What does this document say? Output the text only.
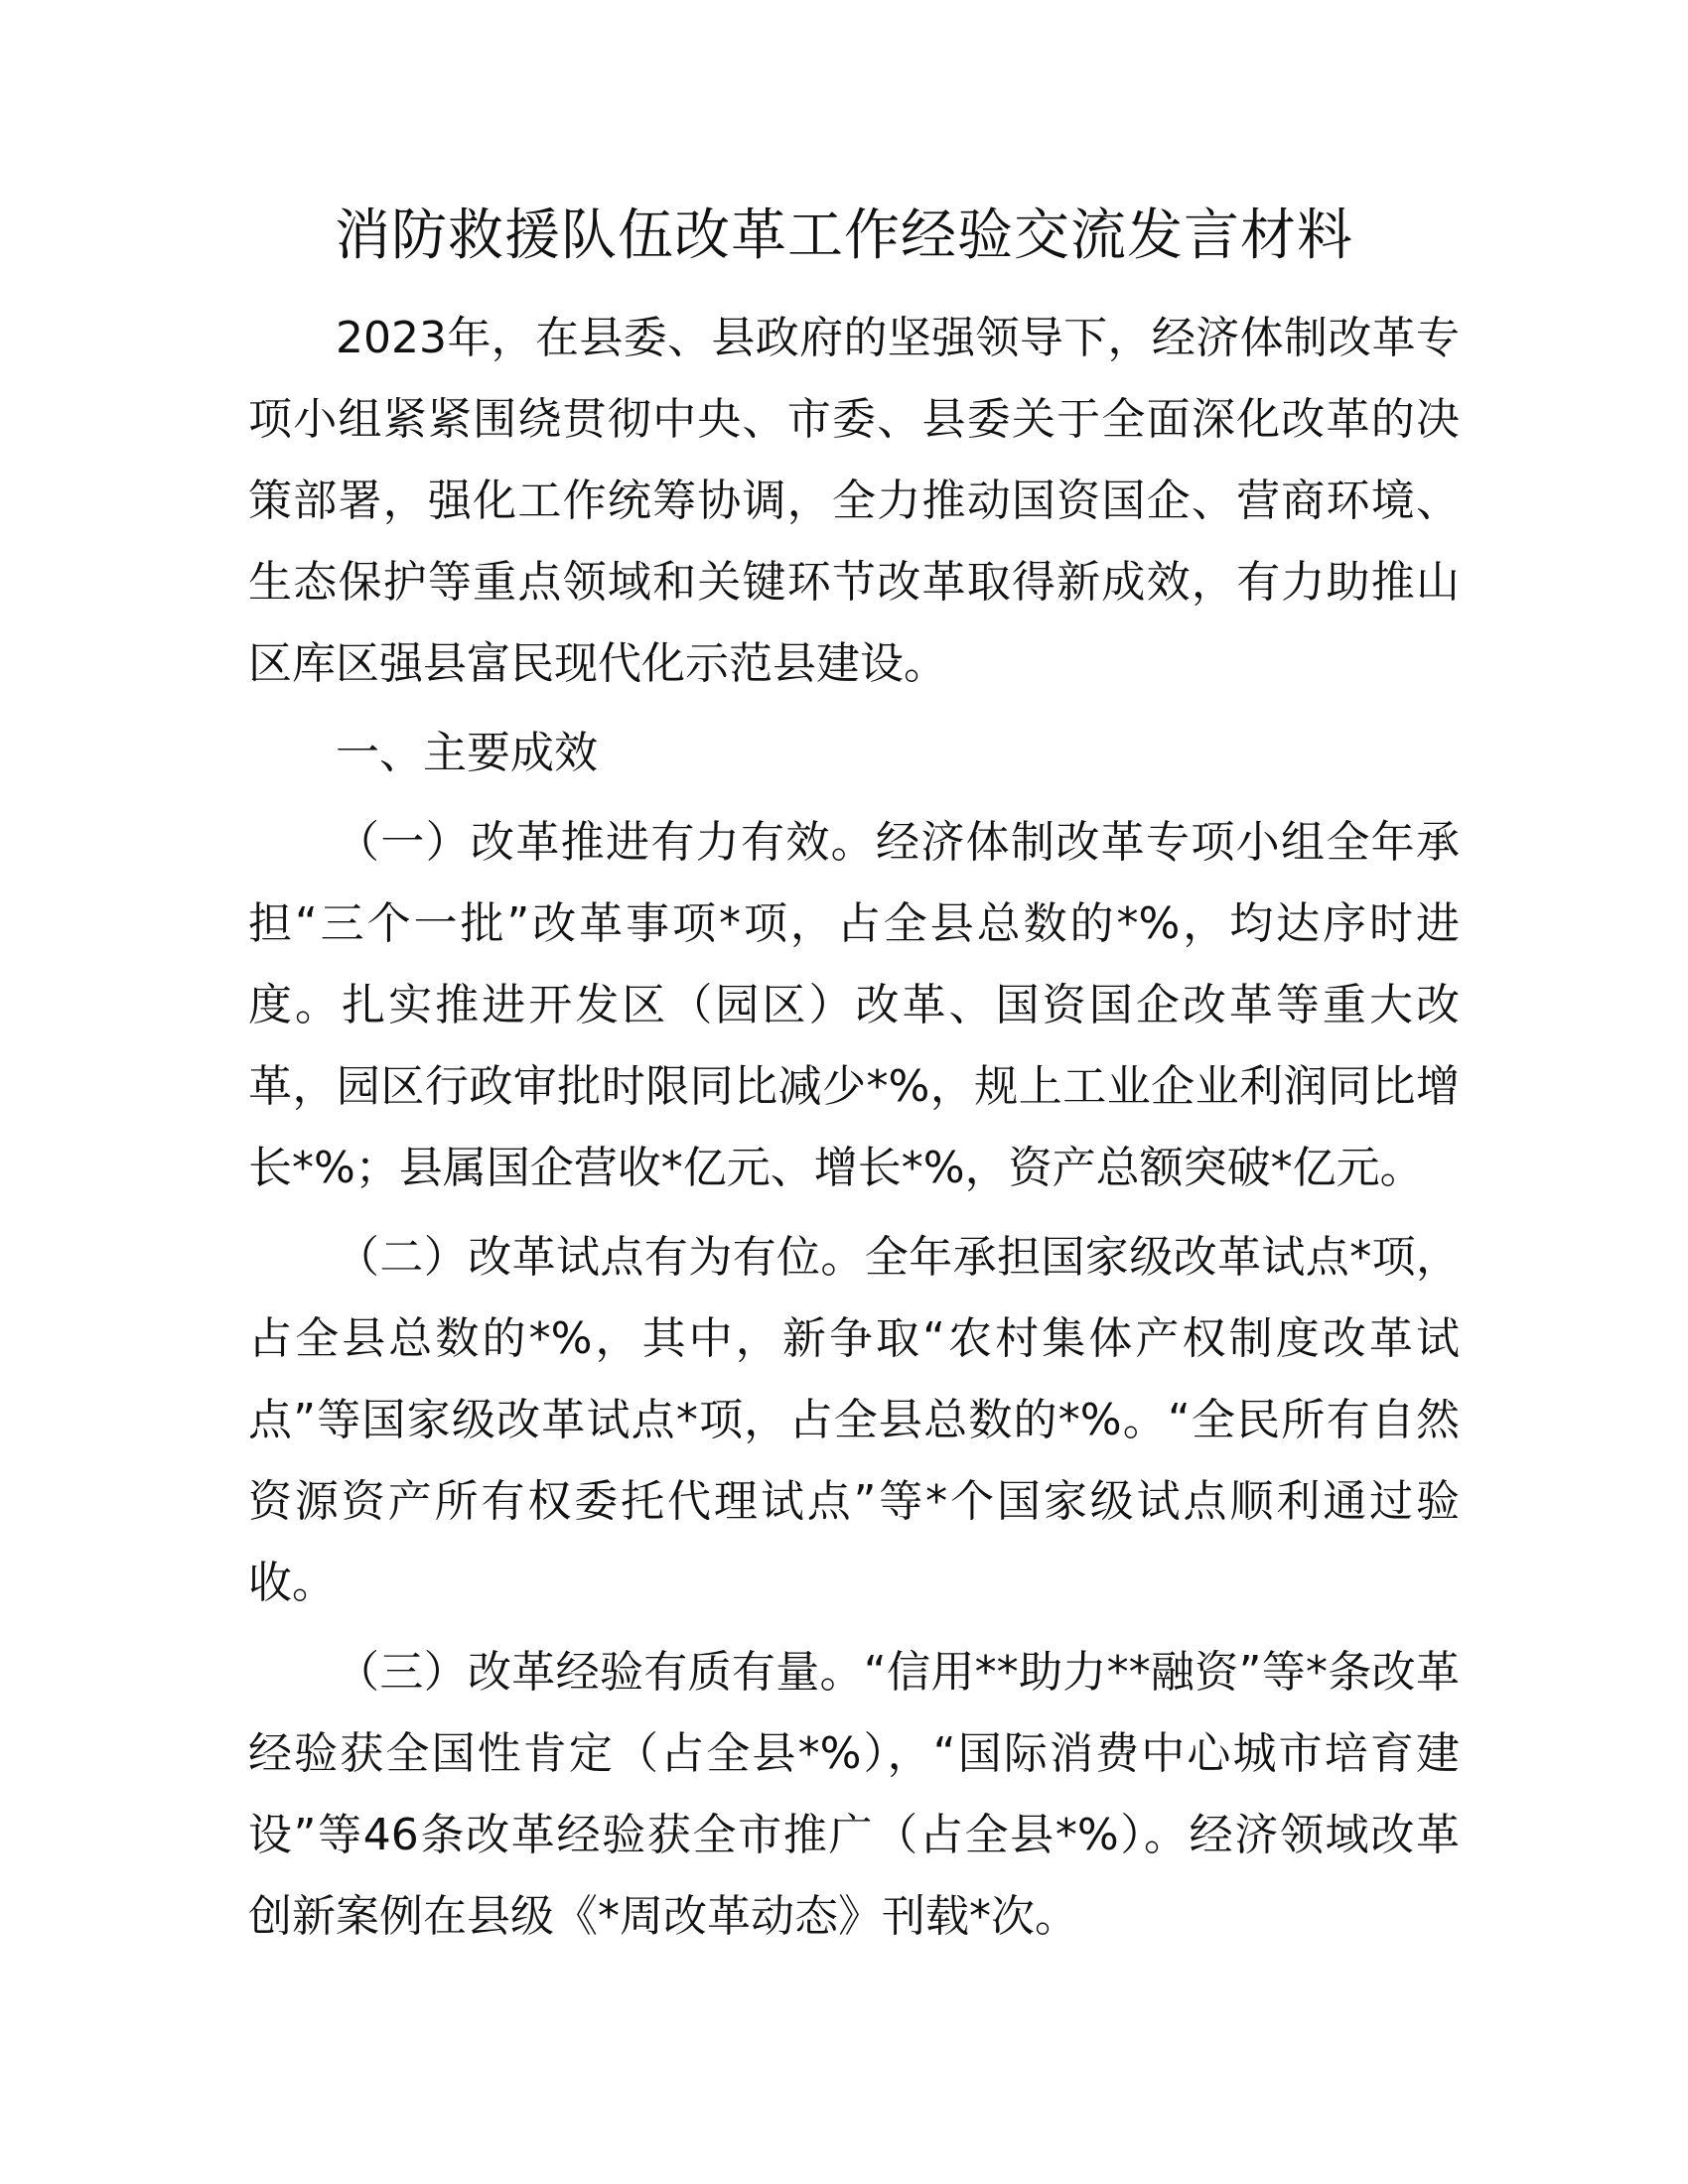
消防救援队伍改革工作经验交流发言材料

2023年，在县委、县政府的坚强领导下，经济体制改革专项小组紧紧围绕贯彻中央、市委、县委关于全面深化改革的决策部署，强化工作统筹协调，全力推动国资国企、营商环境、生态保护等重点领域和关键环节改革取得新成效，有力助推山区库区强县富民现代化示范县建设。

一、主要成效

（一）改革推进有力有效。经济体制改革专项小组全年承担“三个一批”改革事项*项，占全县总数的*%，均达序时进度。扎实推进开发区（园区）改革、国资国企改革等重大改革，园区行政审批时限同比减少*%，规上工业企业利润同比增长*%；县属国企营收*亿元、增长*%，资产总额突破*亿元。

（二）改革试点有为有位。全年承担国家级改革试点*项，占全县总数的*%，其中，新争取“农村集体产权制度改革试点”等国家级改革试点*项，占全县总数的*%。“全民所有自然资源资产所有权委托代理试点”等*个国家级试点顺利通过验收。

（三）改革经验有质有量。“信用**助力**融资”等*条改革经验获全国性肯定（占全县*%），“国际消费中心城市培育建设”等46条改革经验获全市推广（占全县*%）。经济领域改革创新案例在县级《*周改革动态》刊载*次。
